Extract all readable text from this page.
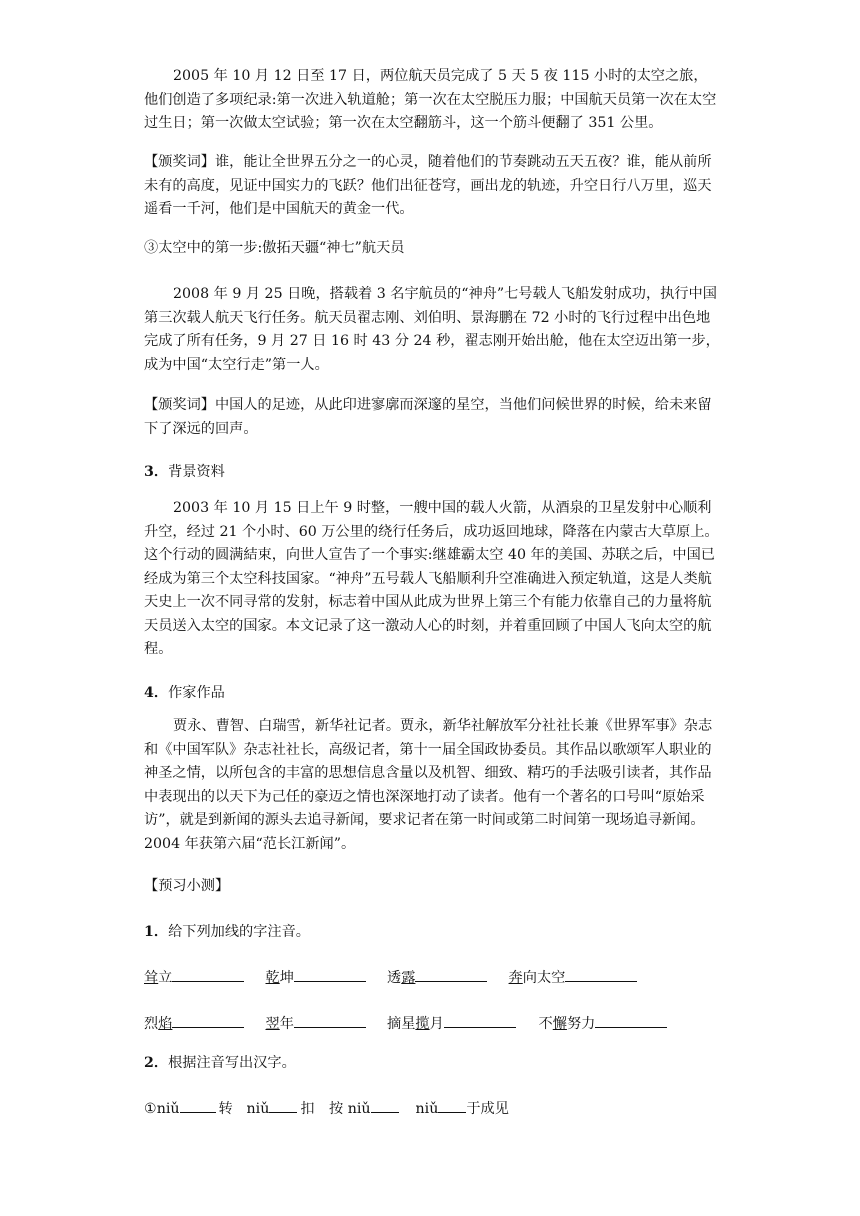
2005 年 10 月 12 日至 17 日，两位航天员完成了 5 天 5 夜 115 小时的太空之旅，他们创造了多项纪录:第一次进入轨道舱；第一次在太空脱压力服；中国航天员第一次在太空过生日；第一次做太空试验；第一次在太空翻筋斗，这一个筋斗便翻了 351 公里。

【颁奖词】谁，能让全世界五分之一的心灵，随着他们的节奏跳动五天五夜？谁，能从前所未有的高度，见证中国实力的飞跃？他们出征苍穹，画出龙的轨迹，升空日行八万里，巡天遥看一千河，他们是中国航天的黄金一代。

③太空中的第一步:傲拓天疆“神七”航天员

2008 年 9 月 25 日晚，搭载着 3 名宇航员的“神舟”七号载人飞船发射成功，执行中国第三次载人航天飞行任务。航天员翟志刚、刘伯明、景海鹏在 72 小时的飞行过程中出色地完成了所有任务，9 月 27 日 16 时 43 分 24 秒，翟志刚开始出舱，他在太空迈出第一步，成为中国“太空行走”第一人。

【颁奖词】中国人的足迹，从此印进寥廓而深邃的星空，当他们问候世界的时候，给未来留下了深远的回声。

3．背景资料

2003 年 10 月 15 日上午 9 时整，一艘中国的载人火箭，从酒泉的卫星发射中心顺利升空，经过 21 个小时、60 万公里的绕行任务后，成功返回地球，降落在内蒙古大草原上。这个行动的圆满結束，向世人宣告了一个事实:继雄霸太空 40 年的美国、苏联之后，中国已经成为第三个太空科技国家。“神舟”五号载人飞船顺利升空准确进入预定轨道，这是人类航天史上一次不同寻常的发射，标志着中国从此成为世界上第三个有能力依靠自己的力量将航天员送入太空的国家。本文记录了这一激动人心的时刻，并着重回顾了中国人飞向太空的航程。

4．作家作品

贾永、曹智、白瑞雪，新华社记者。贾永，新华社解放军分社社长兼《世界军事》杂志和《中国军队》杂志社社长，高级记者，第十一届全国政协委员。其作品以歌颂军人职业的神圣之情，以所包含的丰富的思想信息含量以及机智、细致、精巧的手法吸引读者，其作品中表现出的以天下为己任的豪迈之情也深深地打动了读者。他有一个著名的口号叫“原始采访”，就是到新闻的源头去追寻新闻，要求记者在第一时间或第二时间第一现场追寻新闻。2004 年获第六届“范长江新闻”。

【预习小测】

1．给下列加线的字注音。

耸立	乾坤	透露	奔向太空
烈焰	翌年	摘星揽月	不懈努力

2．根据注音写出汉字。

①niǔ	转 niǔ 扣 按 niǔ	niǔ 于成见
